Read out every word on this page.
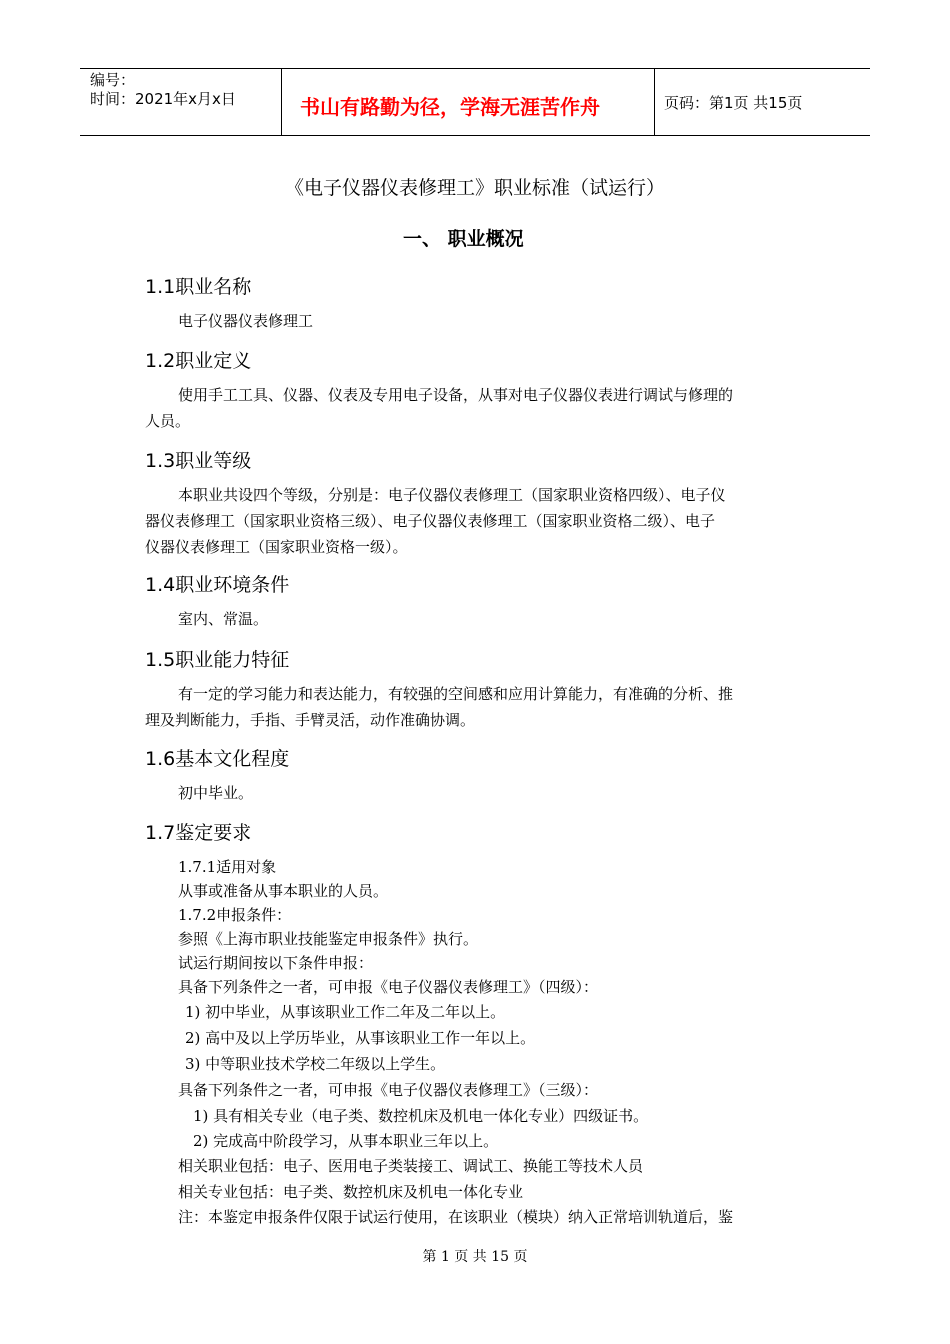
编号：
时间：2021年x月x日	书山有路勤为径，学海无涯苦作舟	页码：第1页 共15页
《电子仪器仪表修理工》职业标准（试运行）
一、 职业概况
1.1职业名称
电子仪器仪表修理工
1.2职业定义
使用手工工具、仪器、仪表及专用电子设备，从事对电子仪器仪表进行调试与修理的
人员。
1.3职业等级
本职业共设四个等级，分别是：电子仪器仪表修理工（国家职业资格四级）、电子仪
器仪表修理工（国家职业资格三级）、电子仪器仪表修理工（国家职业资格二级）、电子
仪器仪表修理工（国家职业资格一级）。
1.4职业环境条件
室内、常温。
1.5职业能力特征
有一定的学习能力和表达能力，有较强的空间感和应用计算能力，有准确的分析、推
理及判断能力，手指、手臂灵活，动作准确协调。
1.6基本文化程度
初中毕业。
1.7鉴定要求
1.7.1适用对象
从事或准备从事本职业的人员。
1.7.2申报条件：
参照《上海市职业技能鉴定申报条件》执行。
试运行期间按以下条件申报：
具备下列条件之一者，可申报《电子仪器仪表修理工》（四级）：
1) 初中毕业，从事该职业工作二年及二年以上。
2) 高中及以上学历毕业，从事该职业工作一年以上。
3) 中等职业技术学校二年级以上学生。
具备下列条件之一者，可申报《电子仪器仪表修理工》（三级）：
1) 具有相关专业（电子类、数控机床及机电一体化专业）四级证书。
2) 完成高中阶段学习，从事本职业三年以上。
相关职业包括：电子、医用电子类装接工、调试工、换能工等技术人员
相关专业包括：电子类、数控机床及机电一体化专业
注：本鉴定申报条件仅限于试运行使用，在该职业（模块）纳入正常培训轨道后，鉴
第 1 页 共 15 页
